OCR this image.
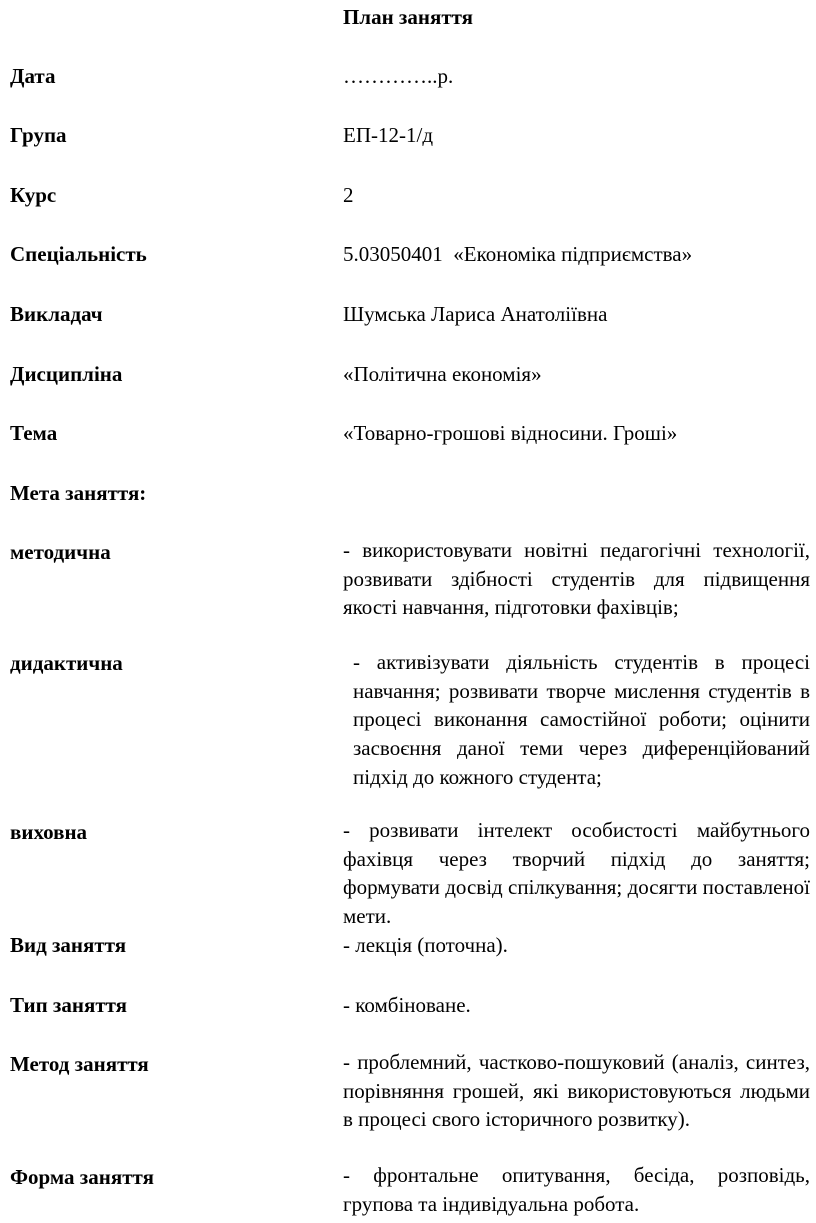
План заняття
Дата	…………..р.
Група	ЕП-12-1/д
Курс	2
Спеціальність	5.03050401  «Економіка підприємства»
Викладач	Шумська Лариса Анатоліївна
Дисципліна	«Політична економія»
Тема	«Товарно-грошові відносини. Гроші»
Мета заняття:
методична	- використовувати новітні педагогічні технології, розвивати здібності студентів для підвищення якості навчання, підготовки фахівців;
дидактична	- активізувати діяльність студентів в процесі навчання; розвивати творче мислення студентів в процесі виконання самостійної роботи; оцінити засвоєння даної теми через диференційований підхід до кожного студента;
виховна	- розвивати інтелект особистості майбутнього фахівця через творчий підхід до заняття; формувати досвід спілкування; досягти поставленої мети.
Вид заняття	- лекція (поточна).
Тип заняття	- комбіноване.
Метод заняття	- проблемний, частково-пошуковий (аналіз, синтез, порівняння грошей, які використовуються людьми в процесі свого історичного розвитку).
Форма заняття	- фронтальне опитування, бесіда, розповідь, групова та індивідуальна робота.
